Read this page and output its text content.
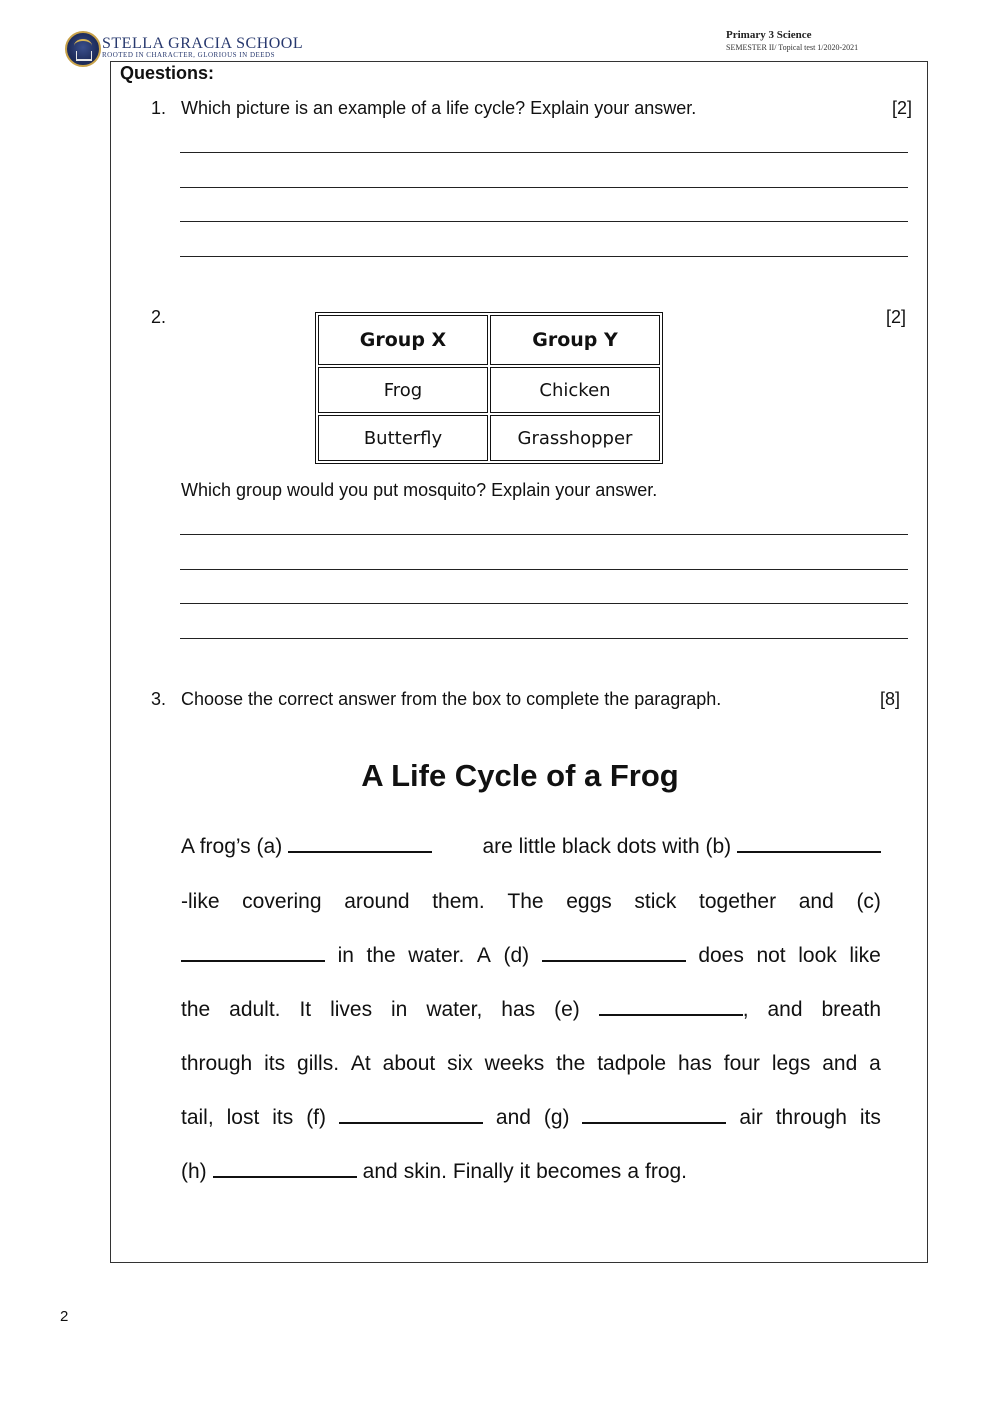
STELLA GRACIA SCHOOL
ROOTED IN CHARACTER, GLORIOUS IN DEEDS
Primary 3 Science
SEMESTER II/ Topical test 1/2020-2021
Questions:
1. Which picture is an example of a life cycle? Explain your answer.	[2]
2.	[2]
Group X	Group Y
Frog	Chicken
Butterfly	Grasshopper
Which group would you put mosquito? Explain your answer.
3. Choose the correct answer from the box to complete the paragraph.	[8]
A Life Cycle of a Frog
A frog’s (a)	are little black dots with (b)
-like covering around them. The eggs stick together and (c)
in the water. A (d)	does not look like
the adult. It lives in water, has (e)	, and breath
through its gills. At about six weeks the tadpole has four legs and a
tail, lost its (f)	and (g)	air through its
(h)	and skin. Finally it becomes a frog.
2
